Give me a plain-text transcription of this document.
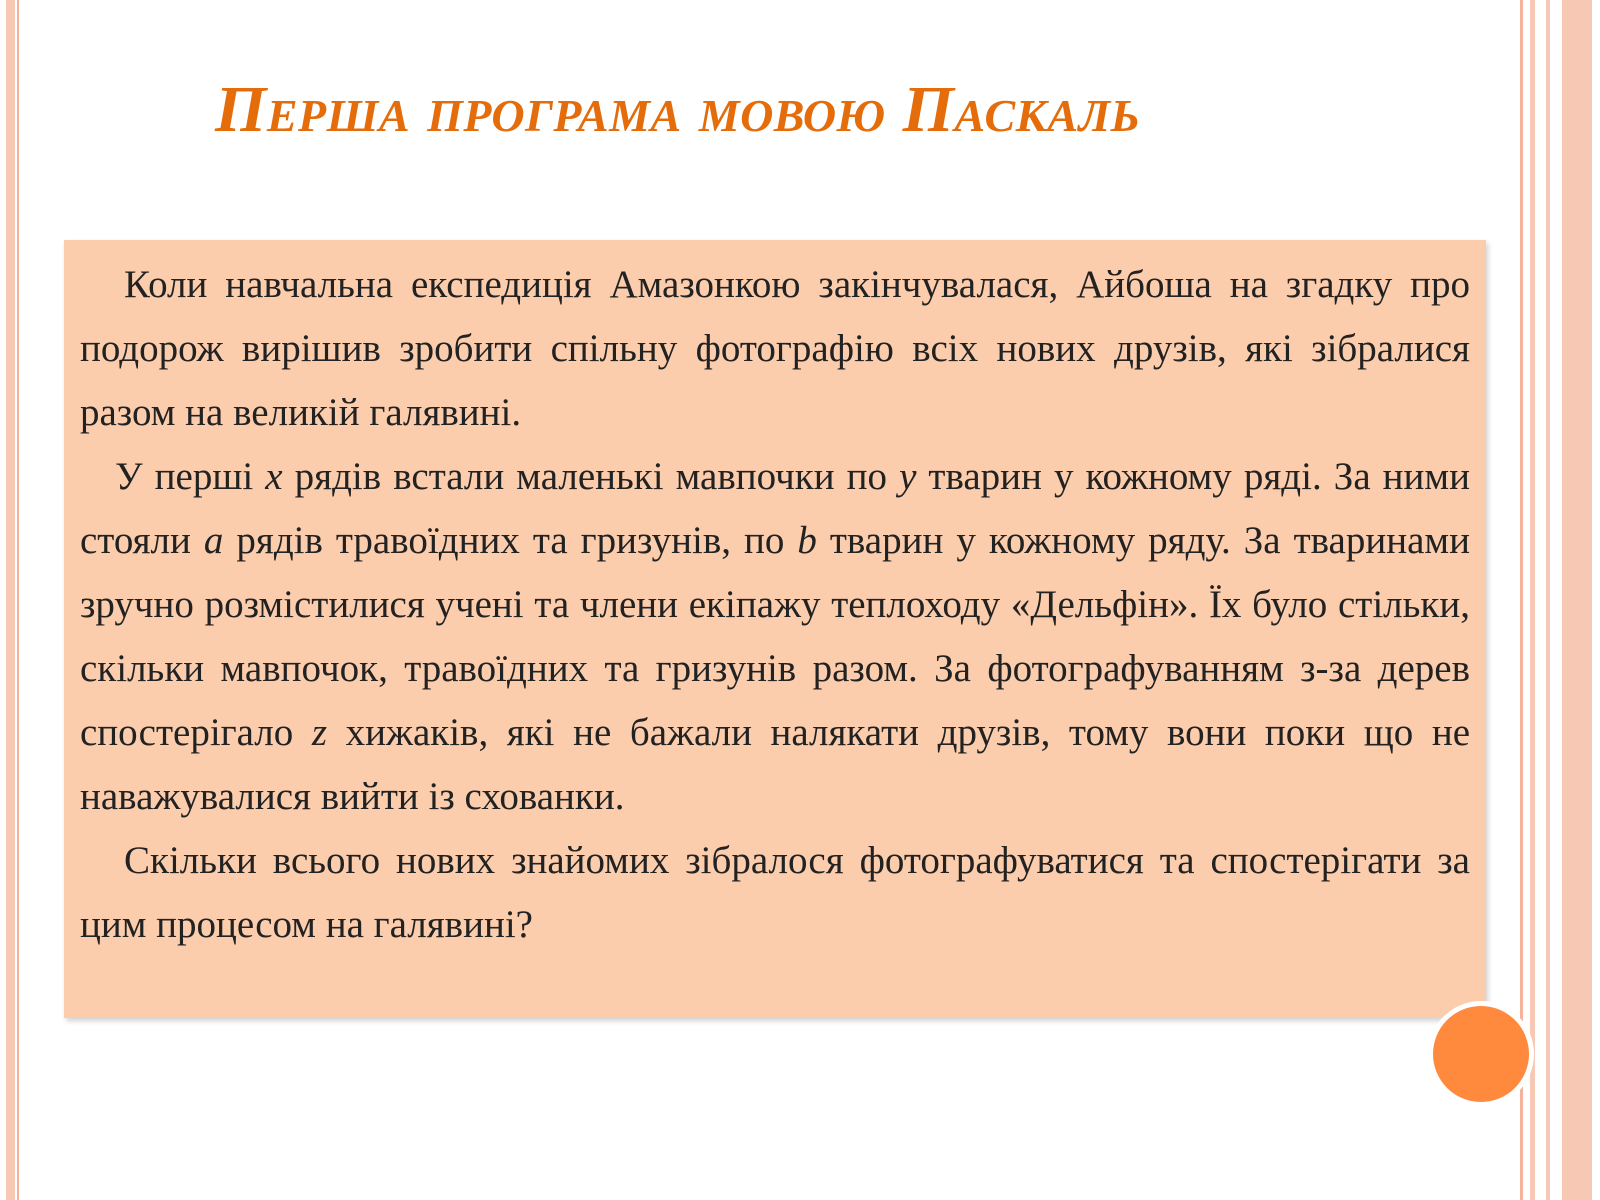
Перша програма мовою Паскаль

Коли навчальна експедиція Амазонкою закінчувалася, Айбоша на згадку про подорож вирішив зробити спільну фотографію всіх нових друзів, які зібралися разом на великій галявині.

У перші x рядів встали маленькі мавпочки по y тварин у кожному ряді. За ними стояли a рядів травоїдних та гризунів, по b тварин у кожному ряду. За тваринами зручно розмістилися учені та члени екіпажу теплоходу «Дельфін». Їх було стільки, скільки мавпочок, травоїдних та гризунів разом. За фотографуванням з-за дерев спостерігало z хижаків, які не бажали налякати друзів, тому вони поки що не наважувалися вийти із схованки.

Скільки всього нових знайомих зібралося фотографуватися та спостерігати за цим процесом на галявині?
